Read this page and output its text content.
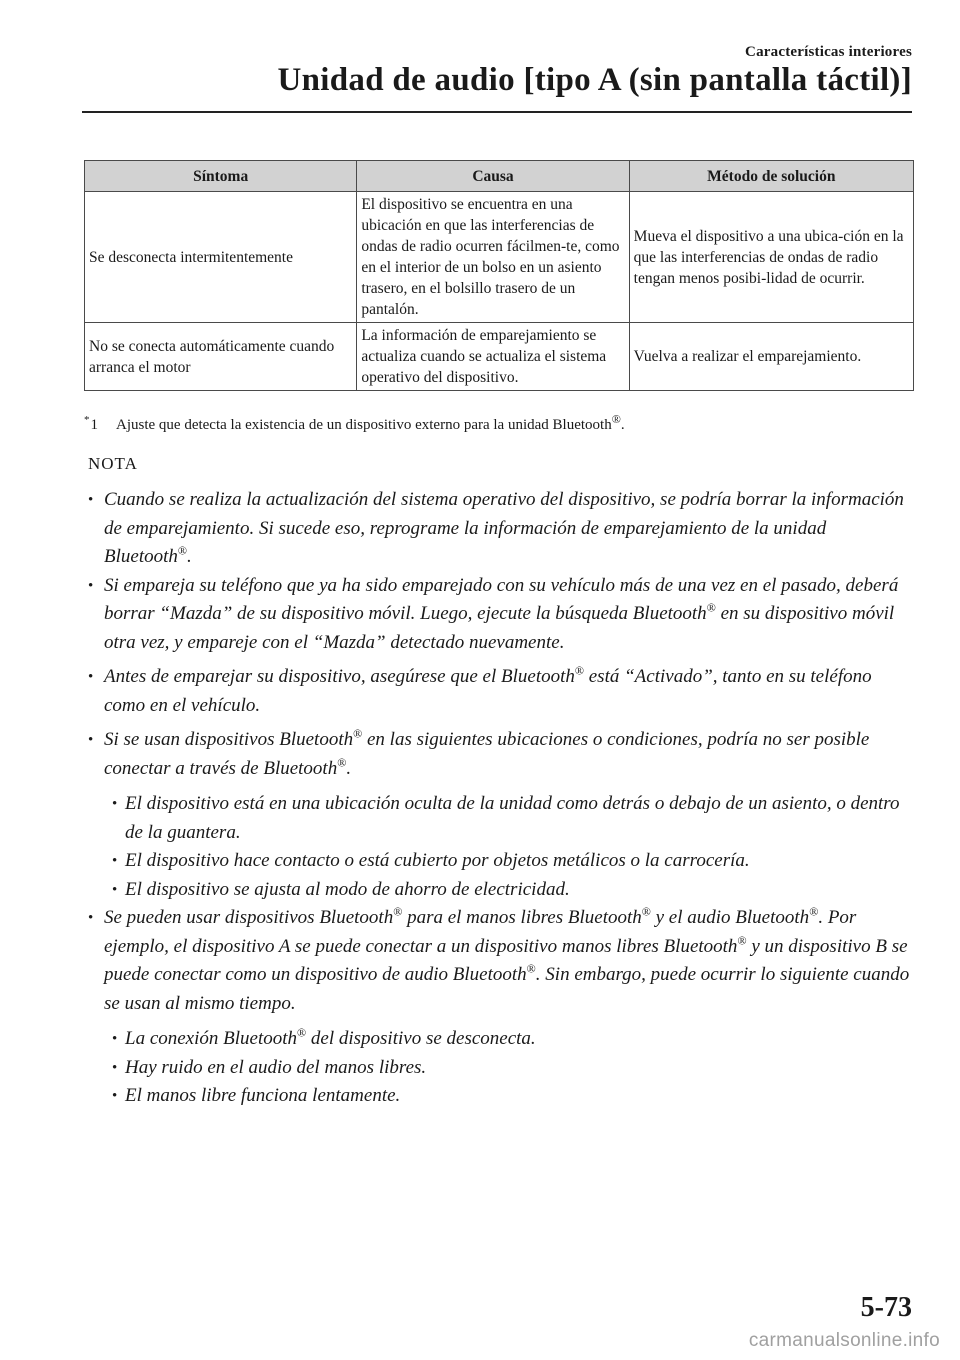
Características interiores
Unidad de audio [tipo A (sin pantalla táctil)]
Síntoma	Causa	Método de solución
Se desconecta intermitentemente	El dispositivo se encuentra en una ubicación en que las interferencias de ondas de radio ocurren fácilmen-te, como en el interior de un bolso en un asiento trasero, en el bolsillo trasero de un pantalón.	Mueva el dispositivo a una ubica-ción en la que las interferencias de ondas de radio tengan menos posibi-lidad de ocurrir.
No se conecta automáticamente cuando arranca el motor	La información de emparejamiento se actualiza cuando se actualiza el sistema operativo del dispositivo.	Vuelva a realizar el emparejamiento.
*1 Ajuste que detecta la existencia de un dispositivo externo para la unidad Bluetooth®.
NOTA
• Cuando se realiza la actualización del sistema operativo del dispositivo, se podría borrar la información de emparejamiento. Si sucede eso, reprograme la información de emparejamiento de la unidad Bluetooth®.
• Si empareja su teléfono que ya ha sido emparejado con su vehículo más de una vez en el pasado, deberá borrar “Mazda” de su dispositivo móvil. Luego, ejecute la búsqueda Bluetooth® en su dispositivo móvil otra vez, y empareje con el “Mazda” detectado nuevamente.
• Antes de emparejar su dispositivo, asegúrese que el Bluetooth® está “Activado”, tanto en su teléfono como en el vehículo.
• Si se usan dispositivos Bluetooth® en las siguientes ubicaciones o condiciones, podría no ser posible conectar a través de Bluetooth®.
• El dispositivo está en una ubicación oculta de la unidad como detrás o debajo de un asiento, o dentro de la guantera.
• El dispositivo hace contacto o está cubierto por objetos metálicos o la carrocería.
• El dispositivo se ajusta al modo de ahorro de electricidad.
• Se pueden usar dispositivos Bluetooth® para el manos libres Bluetooth® y el audio Bluetooth®. Por ejemplo, el dispositivo A se puede conectar a un dispositivo manos libres Bluetooth® y un dispositivo B se puede conectar como un dispositivo de audio Bluetooth®. Sin embargo, puede ocurrir lo siguiente cuando se usan al mismo tiempo.
• La conexión Bluetooth® del dispositivo se desconecta.
• Hay ruido en el audio del manos libres.
• El manos libre funciona lentamente.
5-73
carmanualsonline.info
